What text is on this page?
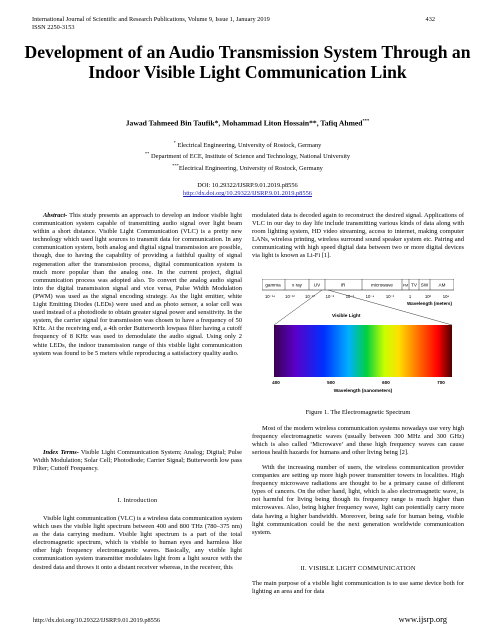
International Journal of Scientific and Research Publications, Volume 9, Issue 1, January 2019
ISSN 2250-3153
432
Development of an Audio Transmission System Through an Indoor Visible Light Communication Link
Jawad Tahmeed Bin Taufik*, Mohammad Liton Hossain**, Tafiq Ahmed***
* Electrical Engineering, University of Rostock, Germany
** Department of ECE, Institute of Science and Technology, National University
***Electrical Engineering, University of Rostock, Germany
DOI: 10.29322/IJSRP.9.01.2019.p8556
http://dx.doi.org/10.29322/IJSRP.9.01.2019.p8556
Abstract- This study presents an approach to develop an indoor visible light communication system capable of transmitting audio signal over light beam within a short distance. Visible Light Communication (VLC) is a pretty new technology which used light sources to transmit data for communication. In any communication system, both analog and digital signal transmission are possible, though, due to having the capability of providing a faithful quality of signal regeneration after the transmission process, digital communication system is much more popular than the analog one. In the current project, digital communication process was adopted also. To convert the analog audio signal into the digital transmission signal and vice versa, Pulse Width Modulation (PWM) was used as the signal encoding strategy. As the light emitter, white Light Emitting Diodes (LEDs) were used and as photo sensor, a solar cell was used instead of a photodiode to obtain greater signal power and sensitivity. In the system, the carrier signal for transmission was chosen to have a frequency of 50 KHz. At the receiving end, a 4th order Butterworth lowpass filter having a cutoff frequency of 8 KHz was used to demodulate the audio signal. Using only 2 white LEDs, the indoor transmission range of this visible light communication system was found to be 5 meters while reproducing a satisfactory quality audio.
Index Terms- Visible Light Communication System; Analog; Digital; Pulse Width Modulation; Solar Cell; Photodiode; Carrier Signal; Butterworth low pass Filter; Cuttoff Frequency.
I. Introduction
Visible light communication (VLC) is a wireless data communication system which uses the visible light spectrum between 400 and 800 THz (780–375 nm) as the data carrying medium. Visible light spectrum is a part of the total electromagnetic spectrum, which is visible to human eyes and harmless like other high frequency electromagnetic waves. Basically, any visible light communication system transmitter modulates light from a light source with the desired data and throws it onto a distant receiver whereas, in the receiver, this
modulated data is decoded again to reconstruct the desired signal. Applications of VLC in our day to day life include transmitting various kinds of data along with room lighting system, HD video streaming, access to internet, making computer LANs, wireless printing, wireless surround sound speaker system etc. Pairing and communicating with high speed digital data between two or more digital devices via light is known as Li-Fi [1].
gamma x ray	UV	IR	microwave	FM TV SW AM
10⁻¹⁴ 10⁻¹² 10⁻¹⁰	10⁻⁸	10⁻⁶	10⁻⁴	10⁻²	1	10²	10⁴
Wavelength (meters)
Visible Light
400	500	600	700
Wavelength (nanometers)
Figure 1. The Electromagnetic Spectrum
Most of the modern wireless communication systems nowadays use very high frequency electromagnetic waves (usually between 300 MHz and 300 GHz) which is also called ‘Microwave’ and these high frequency waves can cause serious health hazards for humans and other living being [2].
With the increasing number of users, the wireless communication provider companies are setting up more high power transmitter towers in localities. High frequency microwave radiations are thought to be a primary cause of different types of cancers. On the other hand, light, which is also electromagnetic wave, is not harmful for living being though its frequency range is much higher than microwaves. Also, being higher frequency wave, light can potentially carry more data having a higher bandwidth. Moreover, being safe for human being, visible light communication could be the next generation worldwide communication system.
II. VISIBLE LIGHT COMMUNICATION
The main purpose of a visible light communication is to use same device both for lighting an area and for data
http://dx.doi.org/10.29322/IJSRP.9.01.2019.p8556	www.ijsrp.org
